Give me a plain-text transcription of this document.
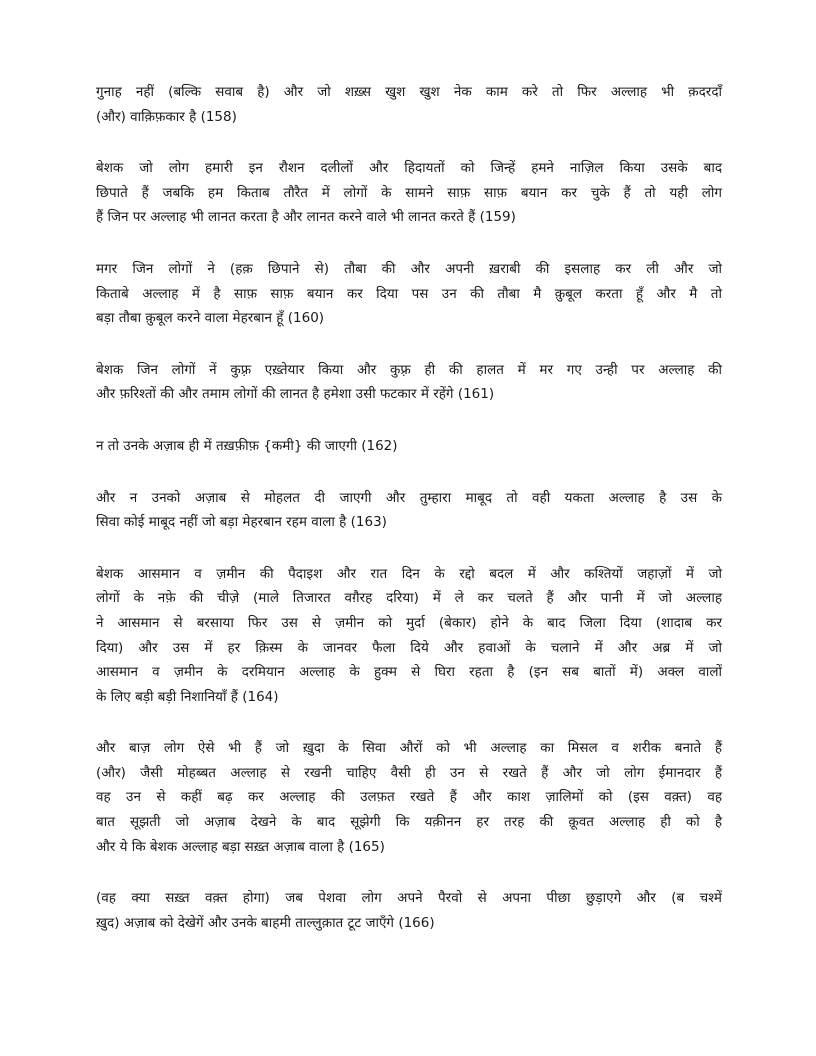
गुनाह नहीं (बल्कि सवाब है) और जो शख़्स खुश खुश नेक काम करे तो फिर अल्लाह भी क़दरदाँ
(और) वाक़िफ़कार है (158)
बेशक जो लोग हमारी इन रौशन दलीलों और हिदायतों को जिन्हें हमने नाज़िल किया उसके बाद
छिपाते हैं जबकि हम किताब तौरैत में लोगों के सामने साफ़ साफ़ बयान कर चुके हैं तो यही लोग
हैं जिन पर अल्लाह भी लानत करता है और लानत करने वाले भी लानत करते हैं (159)
मगर जिन लोगों ने (हक़ छिपाने से) तौबा की और अपनी ख़राबी की इसलाह कर ली और जो
किताबे अल्लाह में है साफ़ साफ़ बयान कर दिया पस उन की तौबा मै क़ुबूल करता हूँ और मै तो
बड़ा तौबा क़ुबूल करने वाला मेहरबान हूँ (160)
बेशक जिन लोगों नें कुफ़्र एख़्तेयार किया और कुफ़्र ही की हालत में मर गए उन्ही पर अल्लाह की
और फ़रिश्तों की और तमाम लोगों की लानत है हमेशा उसी फटकार में रहेंगे (161)
न तो उनके अज़ाब ही में तख़फ़ीफ़ {कमी} की जाएगी (162)
और न उनको अज़ाब से मोहलत दी जाएगी और तुम्हारा माबूद तो वही यकता अल्लाह है उस के
सिवा कोई माबूद नहीं जो बड़ा मेहरबान रहम वाला है (163)
बेशक आसमान व ज़मीन की पैदाइश और रात दिन के रद्दो बदल में और कश्तियों जहाज़ों में जो
लोगों के नफ़े की चीजे़ (माले तिजारत वग़ैरह दरिया) में ले कर चलते हैं और पानी में जो अल्लाह
ने आसमान से बरसाया फिर उस से ज़मीन को मुर्दा (बेकार) होने के बाद जिला दिया (शादाब कर
दिया) और उस में हर क़िस्म के जानवर फैला दिये और हवाओं के चलाने में और अब्र में जो
आसमान व ज़मीन के दरमियान अल्लाह के हुक्म से घिरा रहता है (इन सब बातों में) अक्ल वालों
के लिए बड़ी बड़ी निशानियाँ हैं (164)
और बाज़ लोग ऐसे भी हैं जो ख़ुदा के सिवा औरों को भी अल्लाह का मिसल व शरीक बनाते हैं
(और) जैसी मोहब्बत अल्लाह से रखनी चाहिए वैसी ही उन से रखते हैं और जो लोग ईमानदार हैं
वह उन से कहीं बढ़ कर अल्लाह की उलफ़त रखते हैं और काश ज़ालिमों को (इस वक़्त) वह
बात सूझती जो अज़ाब देखने के बाद सूझेगी कि यक़ीनन हर तरह की क़ूवत अल्लाह ही को है
और ये कि बेशक अल्लाह बड़ा सख़्त अज़ाब वाला है (165)
(वह क्या सख़्त वक़्त होगा) जब पेशवा लोग अपने पैरवो से अपना पीछा छुड़ाएगे और (ब चश्में
ख़ुद) अज़ाब को देखेगें और उनके बाहमी ताल्लुक़ात टूट जाएँगे (166)
